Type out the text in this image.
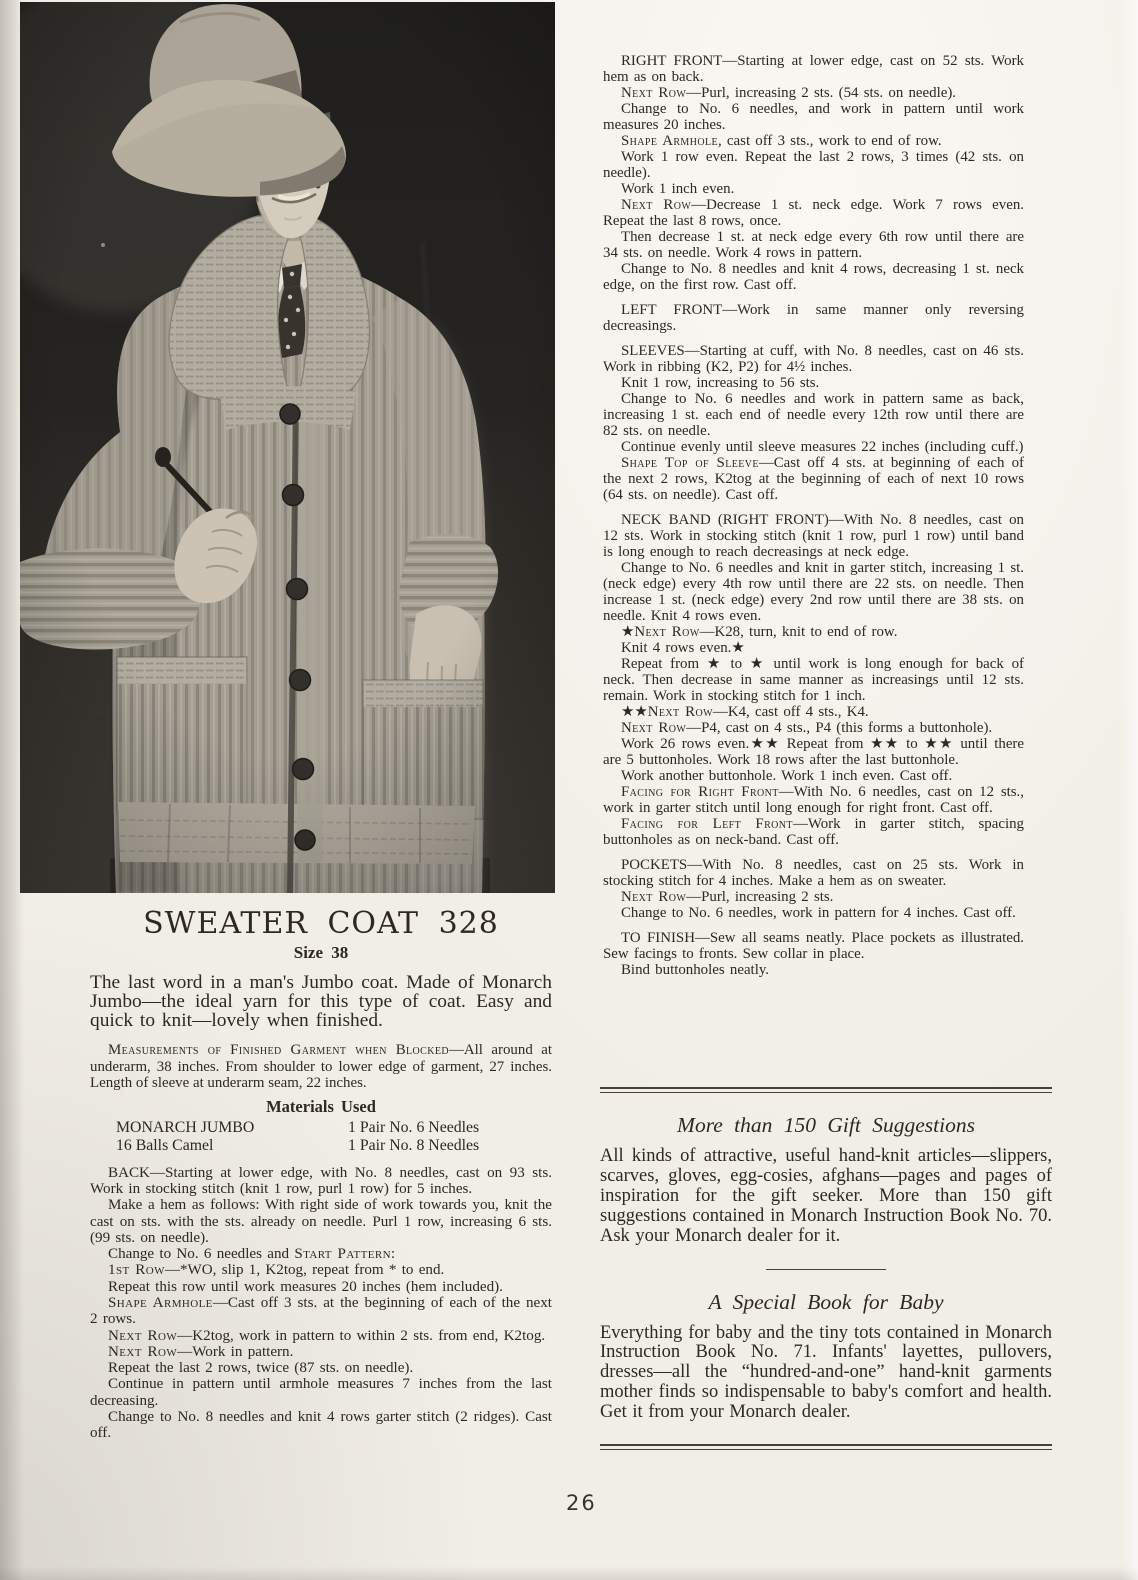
SWEATER COAT 328
Size 38

The last word in a man's Jumbo coat. Made of Monarch Jumbo—the ideal yarn for this type of coat. Easy and quick to knit—lovely when finished.

Measurements of Finished Garment when Blocked—All around at underarm, 38 inches. From shoulder to lower edge of garment, 27 inches. Length of sleeve at underarm seam, 22 inches.

Materials Used
MONARCH JUMBO	1 Pair No. 6 Needles
16 Balls Camel	1 Pair No. 8 Needles

BACK—Starting at lower edge, with No. 8 needles, cast on 93 sts. Work in stocking stitch (knit 1 row, purl 1 row) for 5 inches.

Make a hem as follows: With right side of work towards you, knit the cast on sts. with the sts. already on needle. Purl 1 row, increasing 6 sts. (99 sts. on needle).

Change to No. 6 needles and Start Pattern:

1st Row—*WO, slip 1, K2tog, repeat from * to end.

Repeat this row until work measures 20 inches (hem included).

Shape Armhole—Cast off 3 sts. at the beginning of each of the next 2 rows.

Next Row—K2tog, work in pattern to within 2 sts. from end, K2tog.

Next Row—Work in pattern.

Repeat the last 2 rows, twice (87 sts. on needle).

Continue in pattern until armhole measures 7 inches from the last decreasing.

Change to No. 8 needles and knit 4 rows garter stitch (2 ridges). Cast off.

RIGHT FRONT—Starting at lower edge, cast on 52 sts. Work hem as on back.

Next Row—Purl, increasing 2 sts. (54 sts. on needle).

Change to No. 6 needles, and work in pattern until work measures 20 inches.

Shape Armhole, cast off 3 sts., work to end of row.

Work 1 row even. Repeat the last 2 rows, 3 times (42 sts. on needle).

Work 1 inch even.

Next Row—Decrease 1 st. neck edge. Work 7 rows even. Repeat the last 8 rows, once.

Then decrease 1 st. at neck edge every 6th row until there are 34 sts. on needle. Work 4 rows in pattern.

Change to No. 8 needles and knit 4 rows, decreasing 1 st. neck edge, on the first row. Cast off.

LEFT FRONT—Work in same manner only reversing decreasings.

SLEEVES—Starting at cuff, with No. 8 needles, cast on 46 sts. Work in ribbing (K2, P2) for 4½ inches.

Knit 1 row, increasing to 56 sts.

Change to No. 6 needles and work in pattern same as back, increasing 1 st. each end of needle every 12th row until there are 82 sts. on needle.

Continue evenly until sleeve measures 22 inches (including cuff.)

Shape Top of Sleeve—Cast off 4 sts. at beginning of each of the next 2 rows, K2tog at the beginning of each of next 10 rows (64 sts. on needle). Cast off.

NECK BAND (RIGHT FRONT)—With No. 8 needles, cast on 12 sts. Work in stocking stitch (knit 1 row, purl 1 row) until band is long enough to reach decreasings at neck edge.

Change to No. 6 needles and knit in garter stitch, increasing 1 st. (neck edge) every 4th row until there are 22 sts. on needle. Then increase 1 st. (neck edge) every 2nd row until there are 38 sts. on needle. Knit 4 rows even.

★Next Row—K28, turn, knit to end of row.

Knit 4 rows even.★

Repeat from ★ to ★ until work is long enough for back of neck. Then decrease in same manner as increasings until 12 sts. remain. Work in stocking stitch for 1 inch.

★★Next Row—K4, cast off 4 sts., K4.

Next Row—P4, cast on 4 sts., P4 (this forms a buttonhole).

Work 26 rows even.★★ Repeat from ★★ to ★★ until there are 5 buttonholes. Work 18 rows after the last buttonhole.

Work another buttonhole. Work 1 inch even. Cast off.

Facing for Right Front—With No. 6 needles, cast on 12 sts., work in garter stitch until long enough for right front. Cast off.

Facing for Left Front—Work in garter stitch, spacing buttonholes as on neck-band. Cast off.

POCKETS—With No. 8 needles, cast on 25 sts. Work in stocking stitch for 4 inches. Make a hem as on sweater.

Next Row—Purl, increasing 2 sts.

Change to No. 6 needles, work in pattern for 4 inches. Cast off.

TO FINISH—Sew all seams neatly. Place pockets as illustrated. Sew facings to fronts. Sew collar in place.

Bind buttonholes neatly.

More than 150 Gift Suggestions

All kinds of attractive, useful hand-knit articles—slippers, scarves, gloves, egg-cosies, afghans—pages and pages of inspiration for the gift seeker. More than 150 gift suggestions contained in Monarch Instruction Book No. 70. Ask your Monarch dealer for it.

A Special Book for Baby

Everything for baby and the tiny tots contained in Monarch Instruction Book No. 71. Infants' layettes, pullovers, dresses—all the “hundred-and-one” hand-knit garments mother finds so indispensable to baby's comfort and health. Get it from your Monarch dealer.

26
